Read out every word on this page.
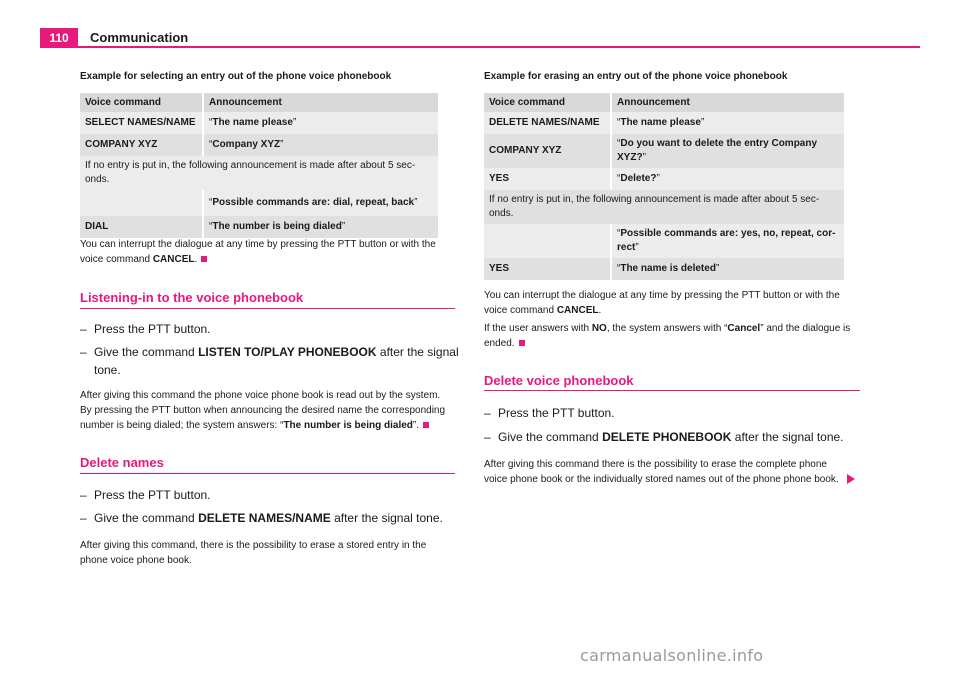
110	Communication
Example for selecting an entry out of the phone voice phonebook
Voice command	Announcement
SELECT NAMES/NAME	“The name please”
COMPANY XYZ	“Company XYZ”
If no entry is put in, the following announcement is made after about 5 sec-onds.	
	“Possible commands are: dial, repeat, back”
DIAL	“The number is being dialed”

You can interrupt the dialogue at any time by pressing the PTT button or with the voice command CANCEL.

Listening-in to the voice phonebook
– Press the PTT button.
– Give the command LISTEN TO/PLAY PHONEBOOK after the signal
tone.

After giving this command the phone voice phone book is read out by the system.
By pressing the PTT button when announcing the desired name the corresponding
number is being dialed; the system answers: “The number is being dialed”.

Delete names
– Press the PTT button.
– Give the command DELETE NAMES/NAME after the signal tone.

After giving this command, there is the possibility to erase a stored entry in the
phone voice phone book.

Example for erasing an entry out of the phone voice phonebook
Voice command	Announcement
DELETE NAMES/NAME	“The name please”
COMPANY XYZ	“Do you want to delete the entry Company
XYZ?”
YES	“Delete?”
If no entry is put in, the following announcement is made after about 5 sec-onds.	
	“Possible commands are: yes, no, repeat, cor-
rect”
YES	“The name is deleted”

You can interrupt the dialogue at any time by pressing the PTT button or with the voice command CANCEL.

If the user answers with NO, the system answers with “Cancel” and the dialogue is
ended.

Delete voice phonebook
– Press the PTT button.
– Give the command DELETE PHONEBOOK after the signal tone.

After giving this command there is the possibility to erase the complete phone
voice phone book or the individually stored names out of the phone phone book.

carmanualsonline.info
